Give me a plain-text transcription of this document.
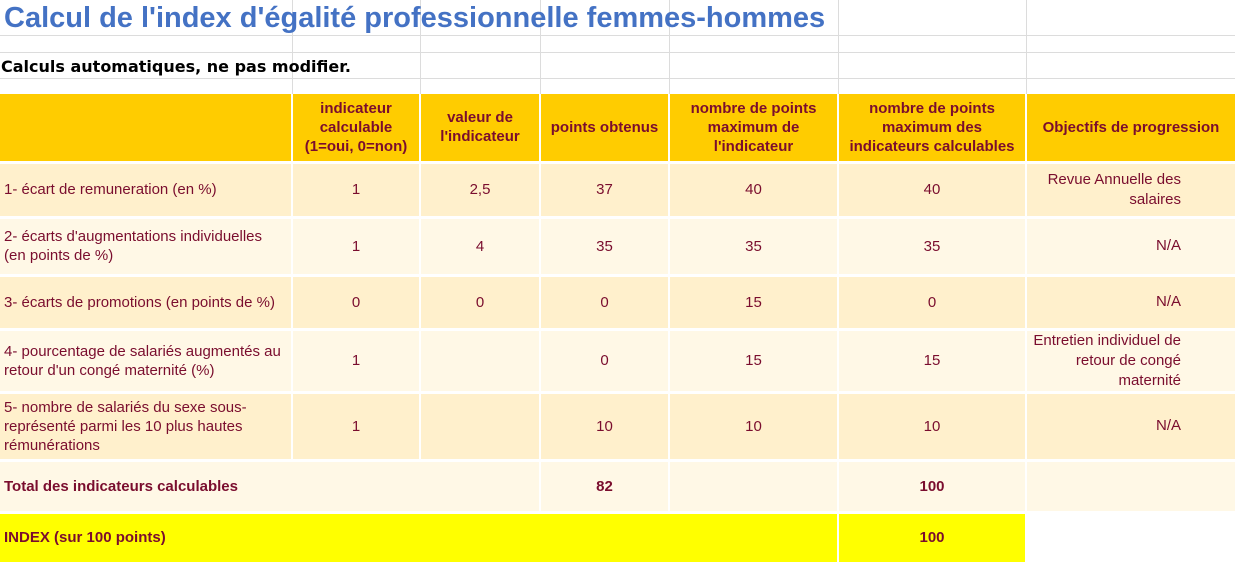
Calcul de l'index d'égalité professionnelle femmes-hommes
Calculs automatiques, ne pas modifier.
	indicateur calculable (1=oui, 0=non)	valeur de l'indicateur	points obtenus	nombre de points maximum de l'indicateur	nombre de points maximum des indicateurs calculables	Objectifs de progression
1- écart de remuneration (en %)	1	2,5	37	40	40	Revue Annuelle des salaires
2- écarts d'augmentations individuelles (en points de %)	1	4	35	35	35	N/A
3- écarts de promotions (en points de %)	0	0	0	15	0	N/A
4- pourcentage de salariés augmentés au retour d'un congé maternité (%)	1		0	15	15	Entretien individuel de retour de congé maternité
5- nombre de salariés du sexe sous-représenté parmi les 10 plus hautes rémunérations	1		10	10	10	N/A
Total des indicateurs calculables			82		100	
INDEX (sur 100 points)					100	
